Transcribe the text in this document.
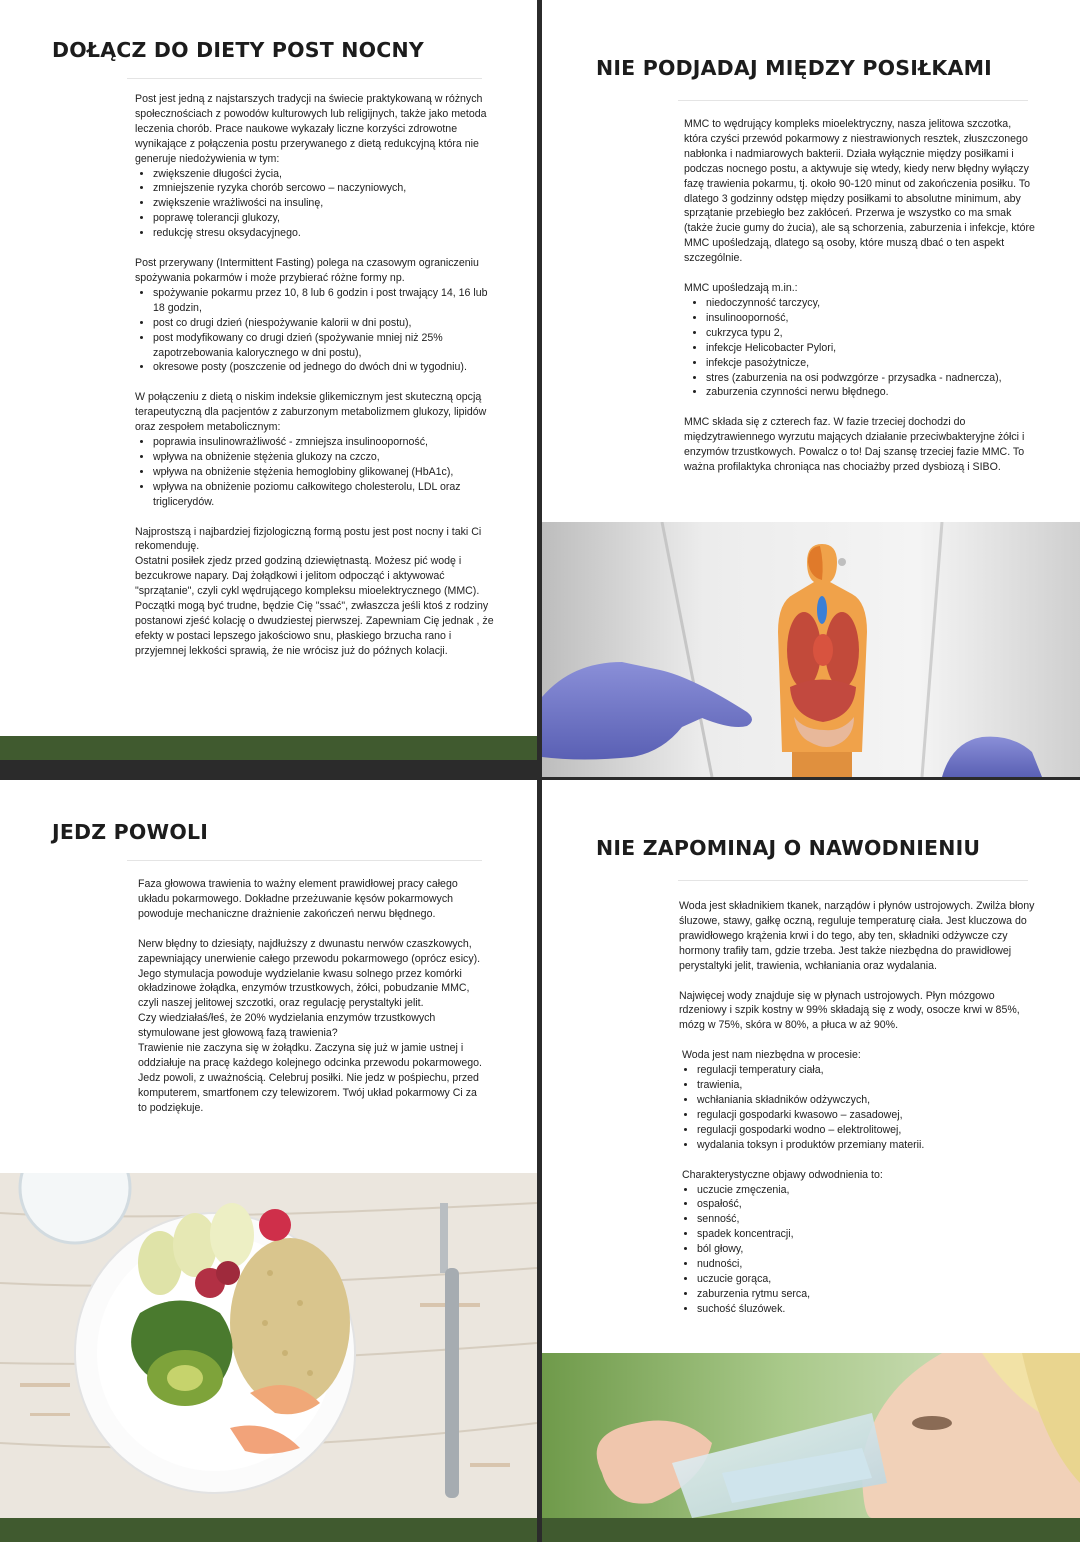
DOŁĄCZ DO DIETY POST NOCNY

Post jest jedną z najstarszych tradycji na świecie praktykowaną w różnych społecznościach z powodów kulturowych lub religijnych, także jako metoda leczenia chorób. Prace naukowe wykazały liczne korzyści zdrowotne wynikające z połączenia postu przerywanego z dietą redukcyjną która nie generuje niedożywienia w tym:

• zwiększenie długości życia,
• zmniejszenie ryzyka chorób sercowo – naczyniowych,
• zwiększenie wrażliwości na insulinę,
• poprawę tolerancji glukozy,
• redukcję stresu oksydacyjnego.

Post przerywany (Intermittent Fasting) polega na czasowym ograniczeniu spożywania pokarmów i może przybierać różne formy np.

• spożywanie pokarmu przez 10, 8 lub 6 godzin i post trwający 14, 16 lub 18 godzin,
• post co drugi dzień (niespożywanie kalorii w dni postu),
• post modyfikowany co drugi dzień (spożywanie mniej niż 25% zapotrzebowania kalorycznego w dni postu),
• okresowe posty (poszczenie od jednego do dwóch dni w tygodniu).

W połączeniu z dietą o niskim indeksie glikemicznym jest skuteczną opcją terapeutyczną dla pacjentów z zaburzonym metabolizmem glukozy, lipidów oraz zespołem metabolicznym:

• poprawia insulinowrażliwość - zmniejsza insulinooporność,
• wpływa na obniżenie stężenia glukozy na czczo,
• wpływa na obniżenie stężenia hemoglobiny glikowanej (HbA1c),
• wpływa na obniżenie poziomu całkowitego cholesterolu, LDL oraz triglicerydów.

Najprostszą i najbardziej fizjologiczną formą postu jest post nocny i taki Ci rekomenduję.

Ostatni posiłek zjedz przed godziną dziewiętnastą. Możesz pić wodę i bezcukrowe napary. Daj żołądkowi i jelitom odpocząć i aktywować "sprzątanie", czyli cykl wędrującego kompleksu mioelektrycznego (MMC). Początki mogą być trudne, będzie Cię "ssać", zwłaszcza jeśli ktoś z rodziny postanowi zjeść kolację o dwudziestej pierwszej. Zapewniam Cię jednak , że efekty w postaci lepszego jakościowo snu, płaskiego brzucha rano i przyjemnej lekkości sprawią, że nie wrócisz już do późnych kolacji.

NIE PODJADAJ MIĘDZY POSIŁKAMI

MMC to wędrujący kompleks mioelektryczny, nasza jelitowa szczotka, która czyści przewód pokarmowy z niestrawionych resztek, złuszczonego nabłonka i nadmiarowych bakterii. Działa wyłącznie między posiłkami i podczas nocnego postu, a aktywuje się wtedy, kiedy nerw błędny wyłączy fazę trawienia pokarmu, tj. około 90-120 minut od zakończenia posiłku. To dlatego 3 godzinny odstęp między posiłkami to absolutne minimum, aby sprzątanie przebiegło bez zakłóceń. Przerwa je wszystko co ma smak (także żucie gumy do żucia), ale są schorzenia, zaburzenia i infekcje, które MMC upośledzają, dlatego są osoby, które muszą dbać o ten aspekt szczególnie.

MMC upośledzają m.in.:

• niedoczynność tarczycy,
• insulinooporność,
• cukrzyca typu 2,
• infekcje Helicobacter Pylori,
• infekcje pasożytnicze,
• stres (zaburzenia na osi podwzgórze - przysadka - nadnercza),
• zaburzenia czynności nerwu błędnego.

MMC składa się z czterech faz. W fazie trzeciej dochodzi do międzytrawiennego wyrzutu mających działanie przeciwbakteryjne żółci i enzymów trzustkowych. Powalcz o to! Daj szansę trzeciej fazie MMC. To ważna profilaktyka chroniąca nas chociażby przed dysbiozą i SIBO.

JEDZ POWOLI

Faza głowowa trawienia to ważny element prawidłowej pracy całego układu pokarmowego. Dokładne przeżuwanie kęsów pokarmowych powoduje mechaniczne drażnienie zakończeń nerwu błędnego.

Nerw błędny to dziesiąty, najdłuższy z dwunastu nerwów czaszkowych, zapewniający unerwienie całego przewodu pokarmowego (oprócz esicy). Jego stymulacja powoduje wydzielanie kwasu solnego przez komórki okładzinowe żołądka, enzymów trzustkowych, żółci, pobudzanie MMC, czyli naszej jelitowej szczotki, oraz regulację perystaltyki jelit.

Czy wiedziałaś/łeś, że 20% wydzielania enzymów trzustkowych stymulowane jest głowową fazą trawienia?

Trawienie nie zaczyna się w żołądku. Zaczyna się już w jamie ustnej i oddziałuje na pracę każdego kolejnego odcinka przewodu pokarmowego.

Jedz powoli, z uważnością. Celebruj posiłki. Nie jedz w pośpiechu, przed komputerem, smartfonem czy telewizorem. Twój układ pokarmowy Ci za to podziękuje.

NIE ZAPOMINAJ O NAWODNIENIU

Woda jest składnikiem tkanek, narządów i płynów ustrojowych. Zwilża błony śluzowe, stawy, gałkę oczną, reguluje temperaturę ciała. Jest kluczowa do prawidłowego krążenia krwi i do tego, aby ten, składniki odżywcze czy hormony trafiły tam, gdzie trzeba. Jest także niezbędna do prawidłowej perystaltyki jelit, trawienia, wchłaniania oraz wydalania.

Najwięcej wody znajduje się w płynach ustrojowych. Płyn mózgowo rdzeniowy i szpik kostny w 99% składają się z wody, osocze krwi w 85%, mózg w 75%, skóra w 80%, a płuca w aż 90%.

Woda jest nam niezbędna w procesie:

• regulacji temperatury ciała,
• trawienia,
• wchłaniania składników odżywczych,
• regulacji gospodarki kwasowo – zasadowej,
• regulacji gospodarki wodno – elektrolitowej,
• wydalania toksyn i produktów przemiany materii.

Charakterystyczne objawy odwodnienia to:

• uczucie zmęczenia,
• ospałość,
• senność,
• spadek koncentracji,
• ból głowy,
• nudności,
• uczucie gorąca,
• zaburzenia rytmu serca,
• suchość śluzówek.
